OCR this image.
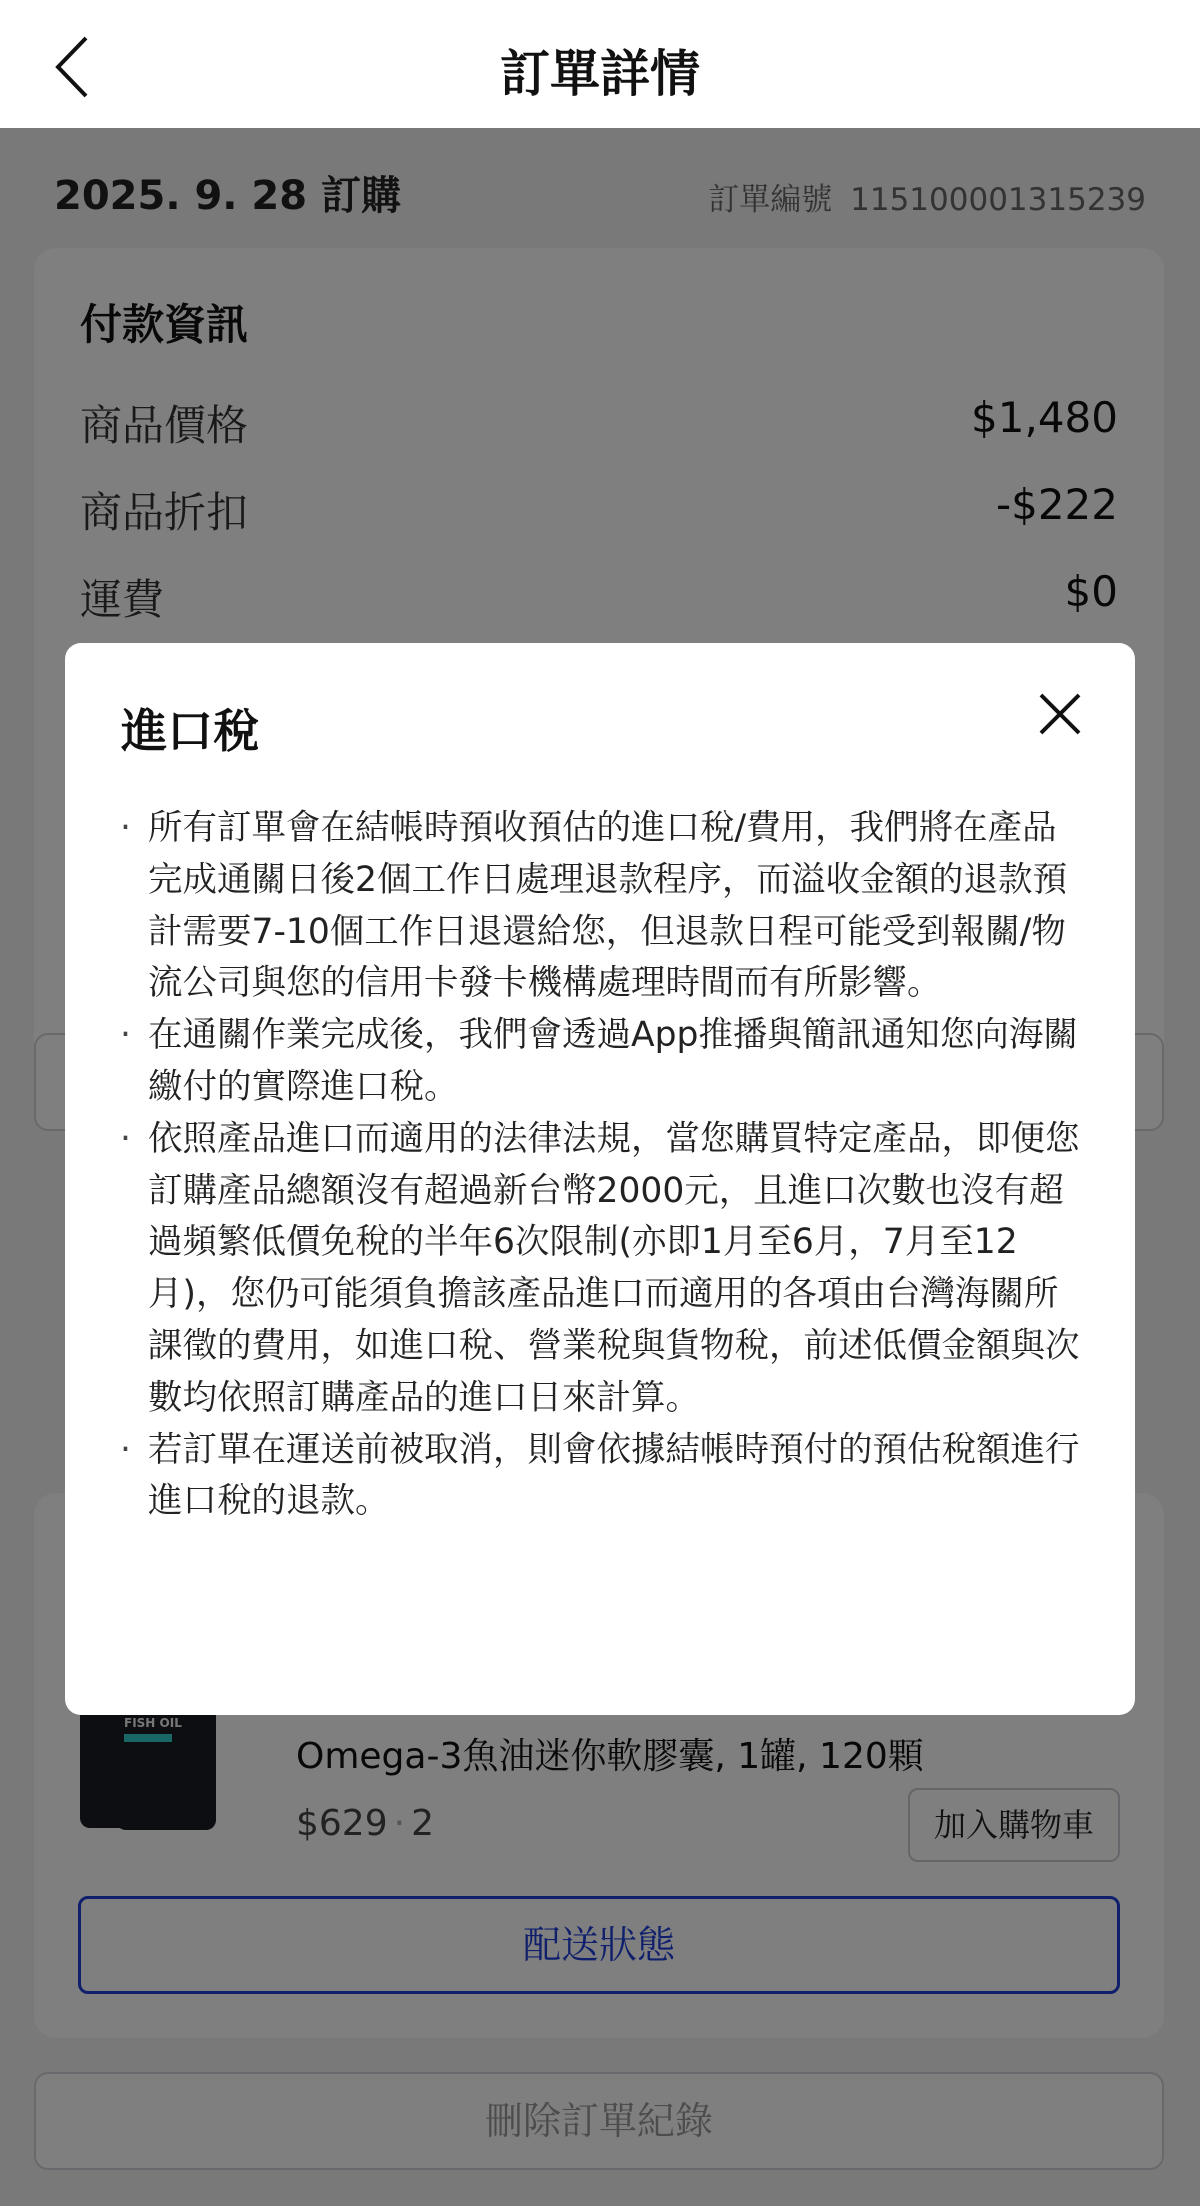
訂單詳情
進口稅
· 所有訂單會在結帳時預收預估的進口稅/費用，我們將在產品完成通關日後2個工作日處理退款程序，而溢收金額的退款預計需要7-10個工作日退還給您，但退款日程可能受到報關/物流公司與您的信用卡發卡機構處理時間而有所影響。
· 在通關作業完成後，我們會透過App推播與簡訊通知您向海關繳付的實際進口稅。
· 依照產品進口而適用的法律法規，當您購買特定產品，即便您訂購產品總額沒有超過新台幣2000元，且進口次數也沒有超過頻繁低價免稅的半年6次限制(亦即1月至6月，7月至12月)，您仍可能須負擔該產品進口而適用的各項由台灣海關所課徵的費用，如進口稅、營業稅與貨物稅，前述低價金額與次數均依照訂購產品的進口日來計算。
· 若訂單在運送前被取消，則會依據結帳時預付的預估稅額進行進口稅的退款。
